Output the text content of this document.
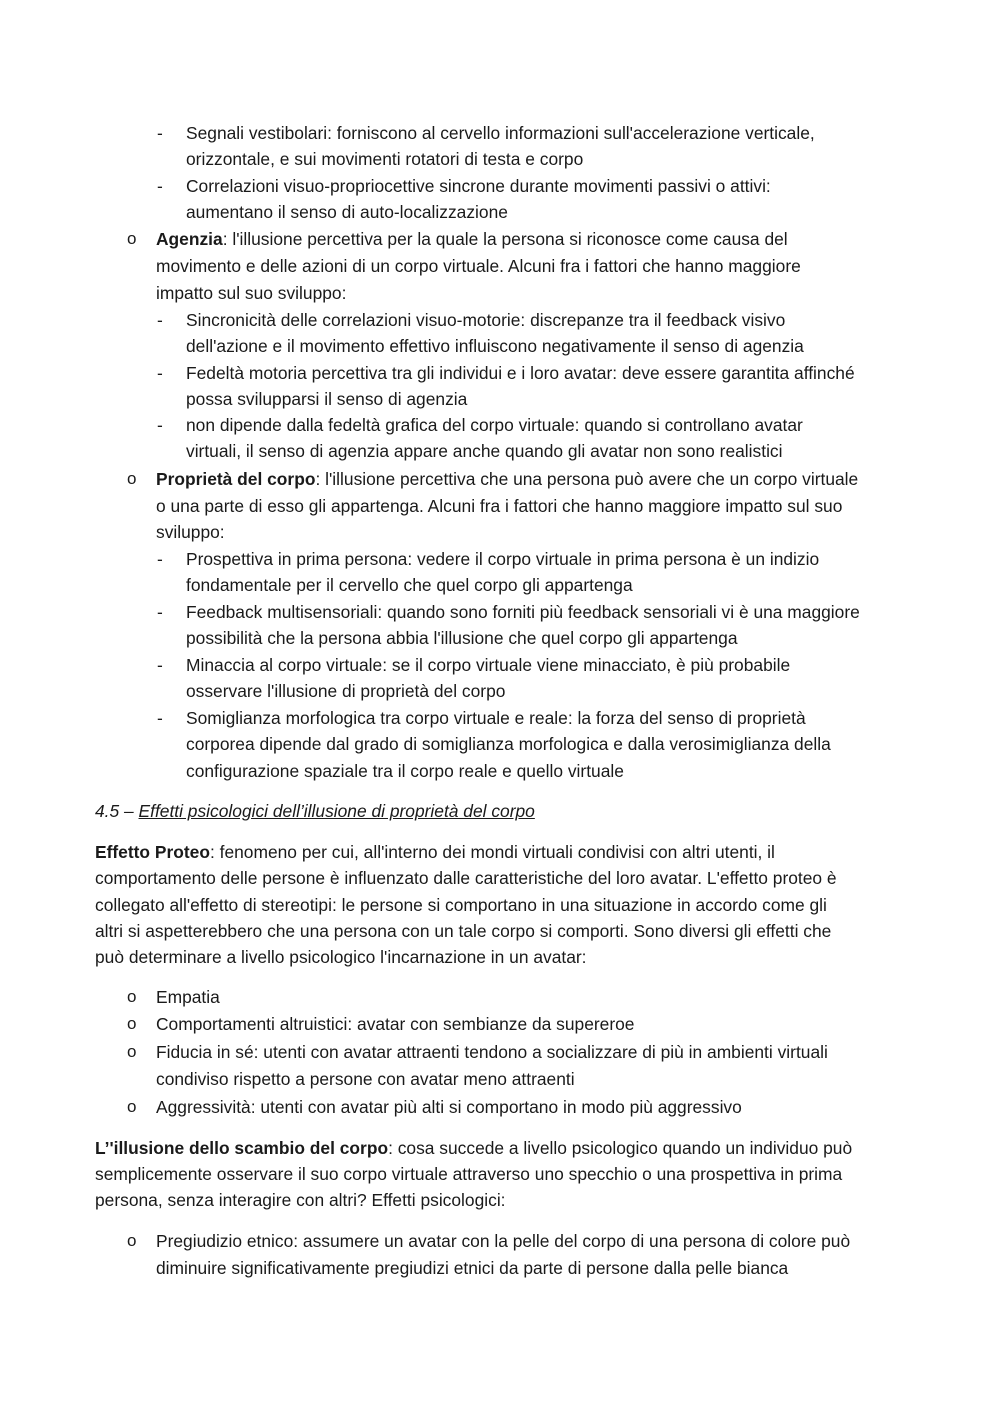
- Segnali vestibolari: forniscono al cervello informazioni sull'accelerazione verticale,
orizzontale, e sui movimenti rotatori di testa e corpo
- Correlazioni visuo-propriocettive sincrone durante movimenti passivi o attivi:
aumentano il senso di auto-localizzazione
o Agenzia: l'illusione percettiva per la quale la persona si riconosce come causa del
movimento e delle azioni di un corpo virtuale. Alcuni fra i fattori che hanno maggiore
impatto sul suo sviluppo:
- Sincronicità delle correlazioni visuo-motorie: discrepanze tra il feedback visivo
dell'azione e il movimento effettivo influiscono negativamente il senso di agenzia
- Fedeltà motoria percettiva tra gli individui e i loro avatar: deve essere garantita affinché
possa svilupparsi il senso di agenzia
- non dipende dalla fedeltà grafica del corpo virtuale: quando si controllano avatar
virtuali, il senso di agenzia appare anche quando gli avatar non sono realistici
o Proprietà del corpo: l'illusione percettiva che una persona può avere che un corpo virtuale
o una parte di esso gli appartenga. Alcuni fra i fattori che hanno maggiore impatto sul suo
sviluppo:
- Prospettiva in prima persona: vedere il corpo virtuale in prima persona è un indizio
fondamentale per il cervello che quel corpo gli appartenga
- Feedback multisensoriali: quando sono forniti più feedback sensoriali vi è una maggiore
possibilità che la persona abbia l'illusione che quel corpo gli appartenga
- Minaccia al corpo virtuale: se il corpo virtuale viene minacciato, è più probabile
osservare l'illusione di proprietà del corpo
- Somiglianza morfologica tra corpo virtuale e reale: la forza del senso di proprietà
corporea dipende dal grado di somiglianza morfologica e dalla verosimiglianza della
configurazione spaziale tra il corpo reale e quello virtuale
4.5 – Effetti psicologici dell’illusione di proprietà del corpo
Effetto Proteo: fenomeno per cui, all'interno dei mondi virtuali condivisi con altri utenti, il
comportamento delle persone è influenzato dalle caratteristiche del loro avatar. L'effetto proteo è
collegato all'effetto di stereotipi: le persone si comportano in una situazione in accordo come gli
altri si aspetterebbero che una persona con un tale corpo si comporti. Sono diversi gli effetti che
può determinare a livello psicologico l'incarnazione in un avatar:
o Empatia
o Comportamenti altruistici: avatar con sembianze da supereroe
o Fiducia in sé: utenti con avatar attraenti tendono a socializzare di più in ambienti virtuali
condiviso rispetto a persone con avatar meno attraenti
o Aggressività: utenti con avatar più alti si comportano in modo più aggressivo
L’'illusione dello scambio del corpo: cosa succede a livello psicologico quando un individuo può
semplicemente osservare il suo corpo virtuale attraverso uno specchio o una prospettiva in prima
persona, senza interagire con altri? Effetti psicologici:
o Pregiudizio etnico: assumere un avatar con la pelle del corpo di una persona di colore può
diminuire significativamente pregiudizi etnici da parte di persone dalla pelle bianca
